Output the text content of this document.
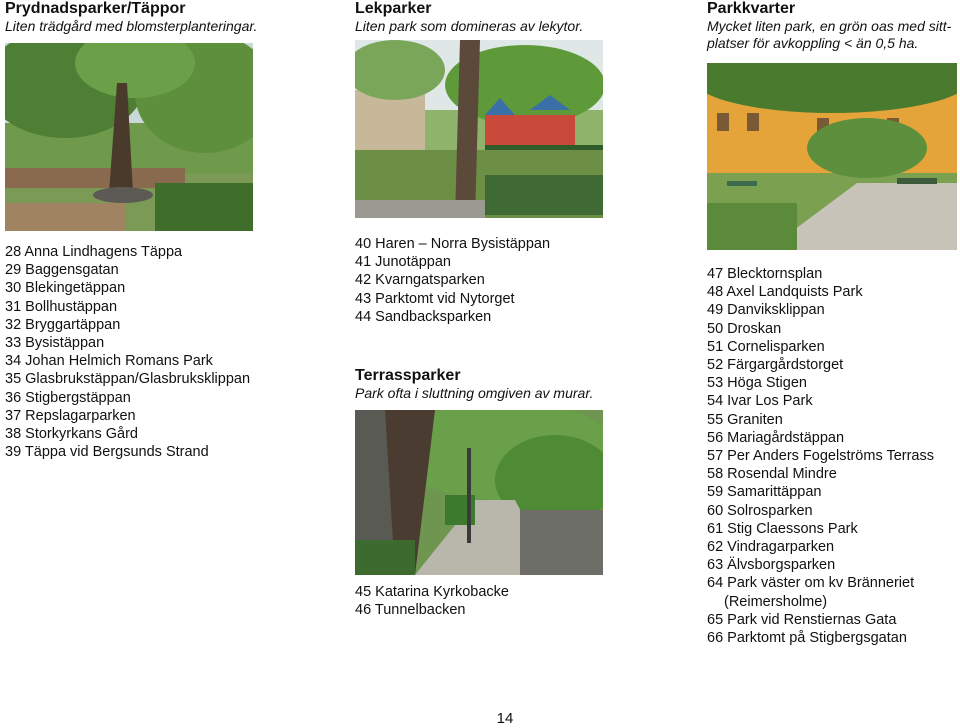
Prydnadsparker/Täppor

Liten trädgård med blomsterplanteringar.

28 Anna Lindhagens Täppa
29 Baggensgatan
30 Blekingetäppan
31 Bollhustäppan
32 Bryggartäppan
33 Bysistäppan
34 Johan Helmich Romans Park
35 Glasbrukstäppan/Glasbruksklippan
36 Stigbergstäppan
37 Repslagarparken
38 Storkyrkans Gård
39 Täppa vid Bergsunds Strand
Lekparker

Liten park som domineras av lekytor.

40 Haren – Norra Bysistäppan
41 Junotäppan
42 Kvarngatsparken
43 Parktomt vid Nytorget
44 Sandbacksparken
Terrassparker

Park ofta i sluttning omgiven av murar.

45 Katarina Kyrkobacke
46 Tunnelbacken
Parkkvarter

Mycket liten park, en grön oas med sitt-platser för avkoppling < än 0,5 ha.

47 Blecktornsplan
48 Axel Landquists Park
49 Danviksklippan
50 Droskan
51 Cornelisparken
52 Färgargårdstorget
53 Höga Stigen
54 Ivar Los Park
55 Graniten
56 Mariagårdstäppan
57 Per Anders Fogelströms Terrass
58 Rosendal Mindre
59 Samarittäppan
60 Solrosparken
61 Stig Claessons Park
62 Vindragarparken
63 Älvsborgsparken
64 Park väster om kv Bränneriet (Reimersholme)
65 Park vid Renstiernas Gata
66 Parktomt på Stigbergsgatan
14
